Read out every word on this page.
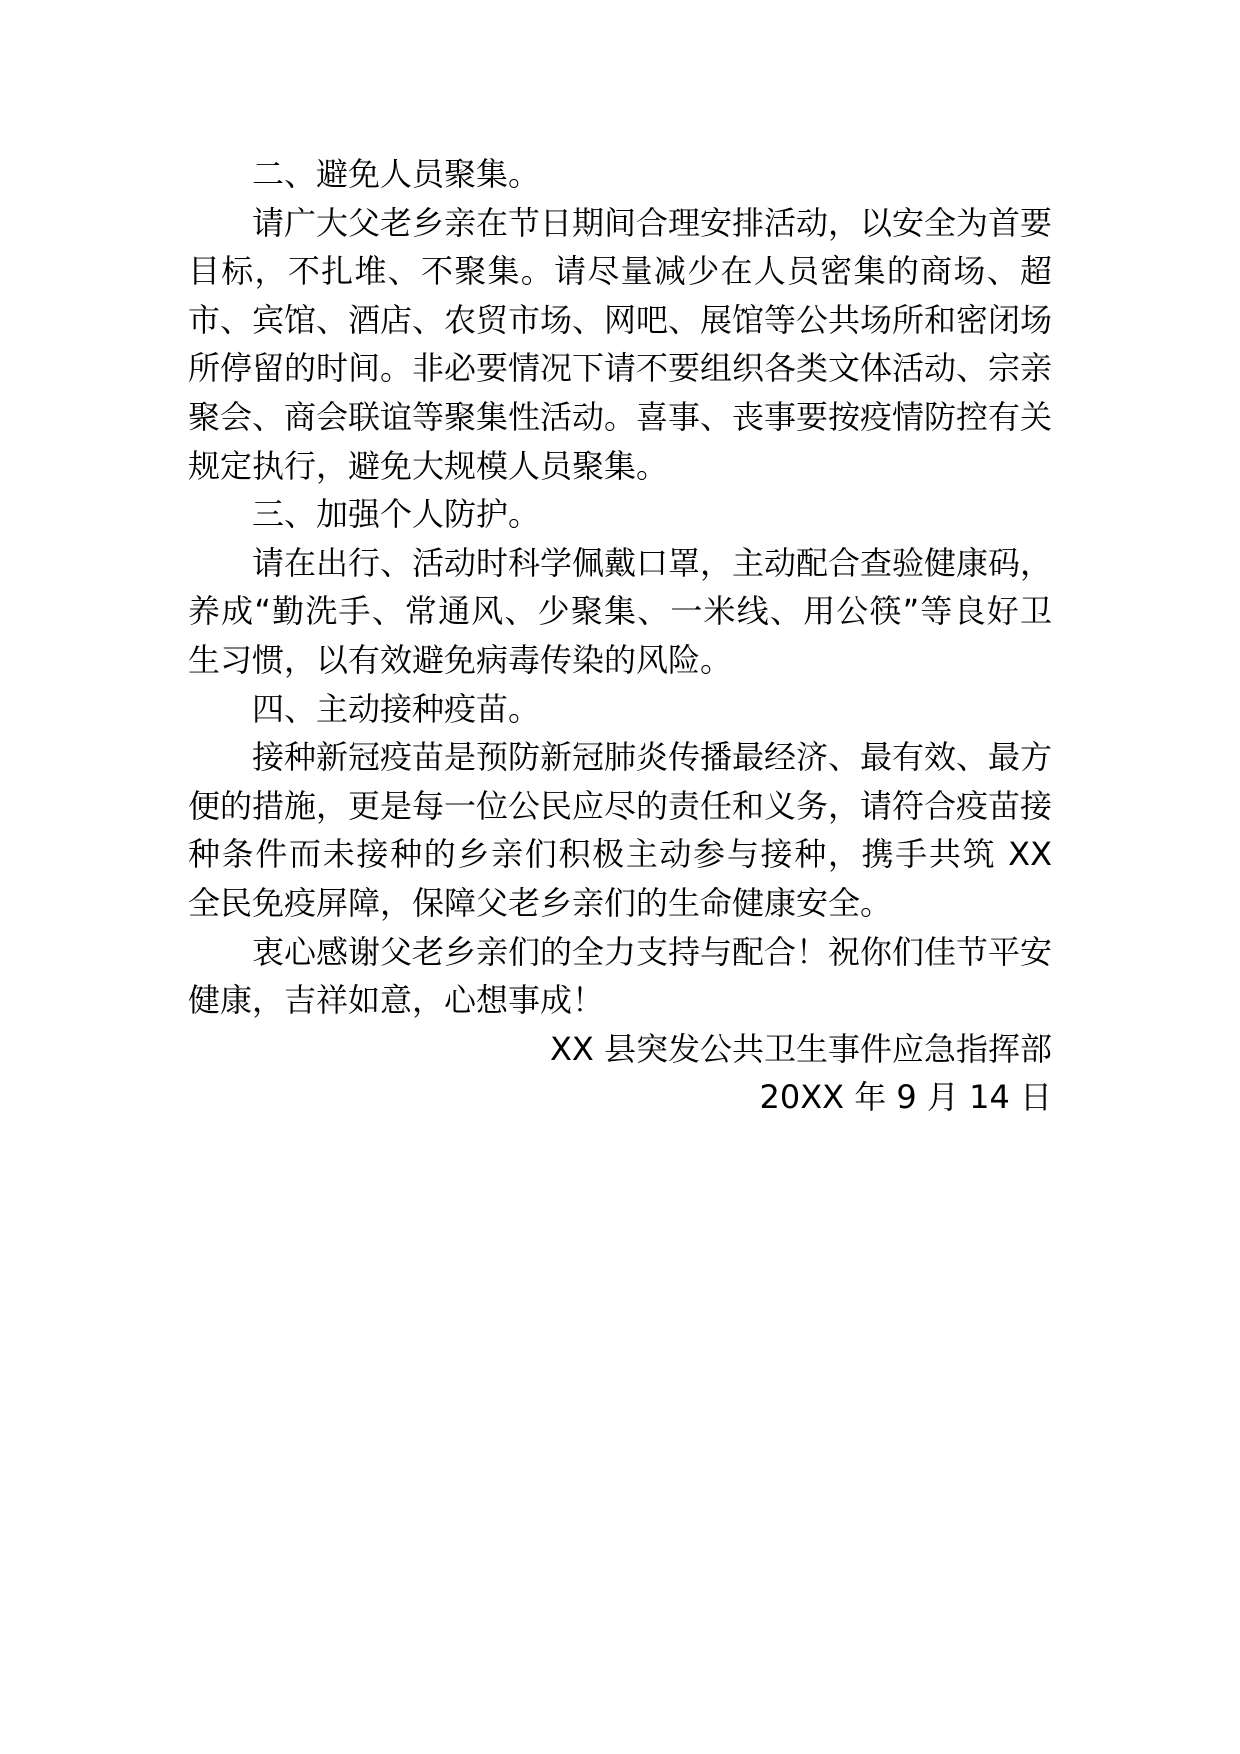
二、避免人员聚集。

请广大父老乡亲在节日期间合理安排活动，以安全为首要目标，不扎堆、不聚集。请尽量减少在人员密集的商场、超市、宾馆、酒店、农贸市场、网吧、展馆等公共场所和密闭场所停留的时间。非必要情况下请不要组织各类文体活动、宗亲聚会、商会联谊等聚集性活动。喜事、丧事要按疫情防控有关规定执行，避免大规模人员聚集。

三、加强个人防护。

请在出行、活动时科学佩戴口罩，主动配合查验健康码，养成“勤洗手、常通风、少聚集、一米线、用公筷”等良好卫生习惯，以有效避免病毒传染的风险。

四、主动接种疫苗。

接种新冠疫苗是预防新冠肺炎传播最经济、最有效、最方便的措施，更是每一位公民应尽的责任和义务，请符合疫苗接种条件而未接种的乡亲们积极主动参与接种，携手共筑 XX 全民免疫屏障，保障父老乡亲们的生命健康安全。

衷心感谢父老乡亲们的全力支持与配合！祝你们佳节平安健康，吉祥如意，心想事成！

XX 县突发公共卫生事件应急指挥部

20XX 年 9 月 14 日
